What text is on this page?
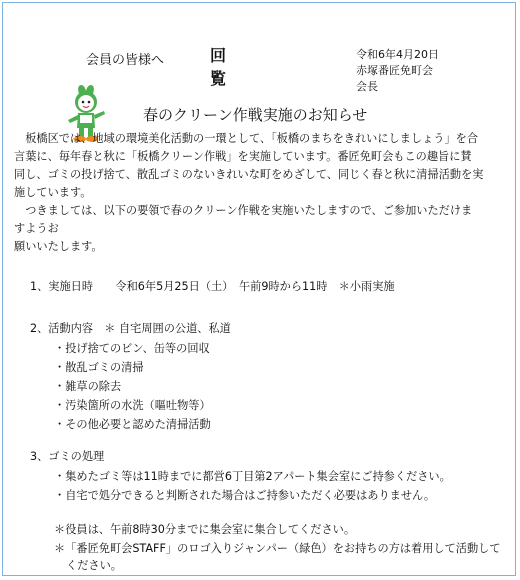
会員の皆様へ	回
覧
令和6年4月20日
赤塚番匠免町会
会長
春のクリーン作戦実施のお知らせ
　板橋区では、地域の環境美化活動の一環として、「板橋のまちをきれいにしましょう」を合
言葉に、毎年春と秋に「板橋クリーン作戦」を実施しています。番匠免町会もこの趣旨に賛
同し、ゴミの投げ捨て、散乱ゴミのないきれいな町をめざして、同じく春と秋に清掃活動を実
施しています。
　つきましては、以下の要領で春のクリーン作戦を実施いたしますので、ご参加いただけま
すようお
願いいたします。
1、実施日時　　令和6年5月25日（土）　午前9時から11時　＊小雨実施
2、活動内容　＊ 自宅周囲の公道、私道
・投げ捨てのビン、缶等の回収
・散乱ゴミの清掃
・雑草の除去
・汚染箇所の水洗（嘔吐物等）
・その他必要と認めた清掃活動
3、ゴミの処理
・集めたゴミ等は11時までに都営6丁目第2アパート集会室にご持参ください。
・自宅で処分できると判断された場合はご持参いただく必要はありません。
＊役員は、午前8時30分までに集会室に集合してください。
＊「番匠免町会STAFF」のロゴ入りジャンパー（緑色）をお持ちの方は着用して活動して
ください。
